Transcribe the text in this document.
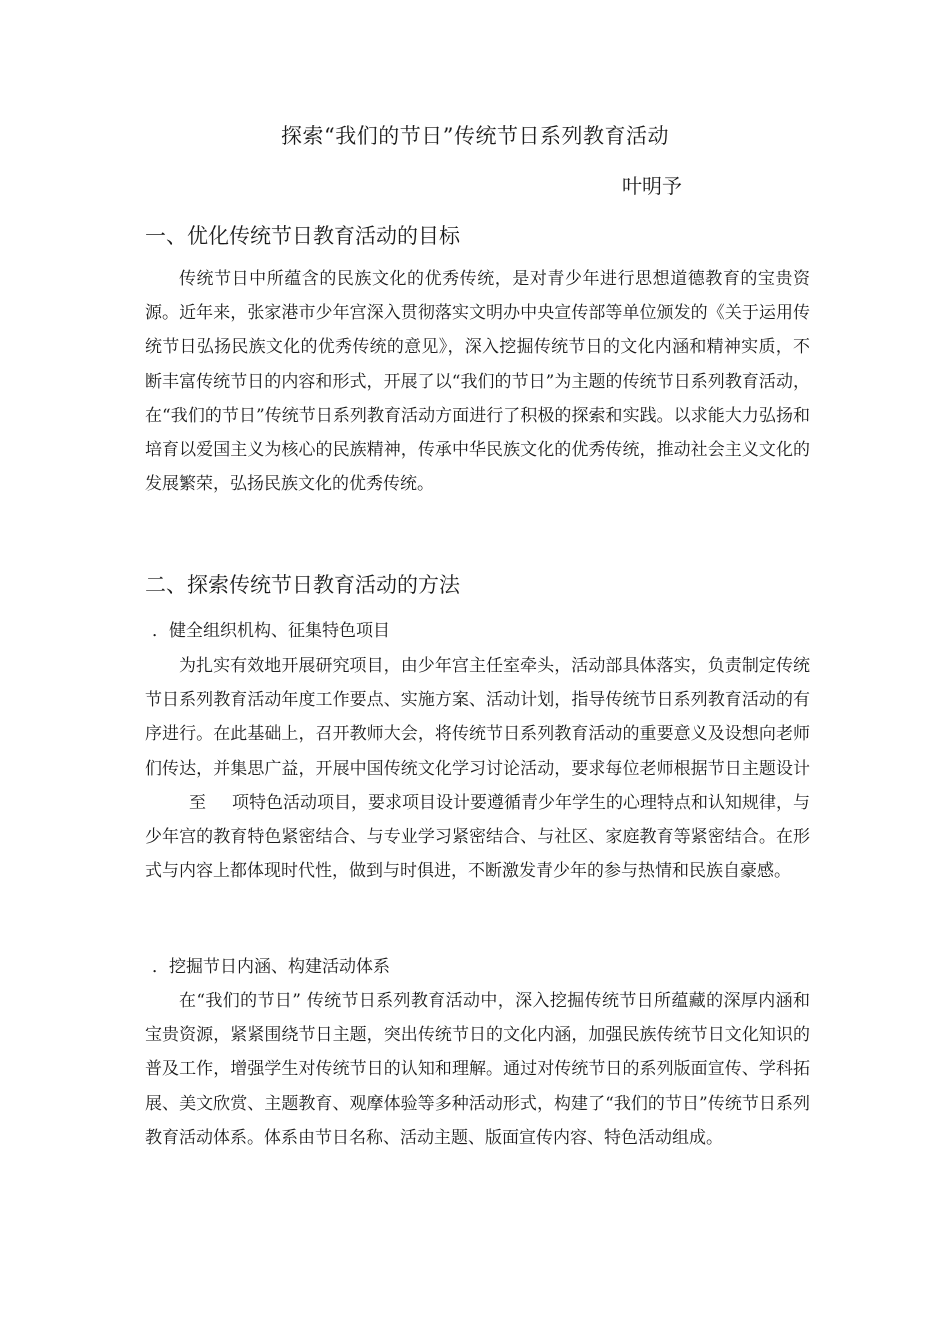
探索“我们的节日”传统节日系列教育活动
叶明予
一、优化传统节日教育活动的目标
传统节日中所蕴含的民族文化的优秀传统，是对青少年进行思想道德教育的宝贵资源。近年来，张家港市少年宫深入贯彻落实文明办中央宣传部等单位颁发的《关于运用传统节日弘扬民族文化的优秀传统的意见》，深入挖掘传统节日的文化内涵和精神实质，不断丰富传统节日的内容和形式，开展了以“我们的节日”为主题的传统节日系列教育活动，在“我们的节日”传统节日系列教育活动方面进行了积极的探索和实践。以求能大力弘扬和培育以爱国主义为核心的民族精神，传承中华民族文化的优秀传统，推动社会主义文化的发展繁荣，弘扬民族文化的优秀传统。
二、探索传统节日教育活动的方法
．健全组织机构、征集特色项目
为扎实有效地开展研究项目，由少年宫主任室牵头，活动部具体落实，负责制定传统节日系列教育活动年度工作要点、实施方案、活动计划，指导传统节日系列教育活动的有序进行。在此基础上，召开教师大会，将传统节日系列教育活动的重要意义及设想向老师们传达，并集思广益，开展中国传统文化学习讨论活动，要求每位老师根据节日主题设计至 项特色活动项目，要求项目设计要遵循青少年学生的心理特点和认知规律，与少年宫的教育特色紧密结合、与专业学习紧密结合、与社区、家庭教育等紧密结合。在形式与内容上都体现时代性，做到与时俱进，不断激发青少年的参与热情和民族自豪感。
．挖掘节日内涵、构建活动体系
在“我们的节日” 传统节日系列教育活动中，深入挖掘传统节日所蕴藏的深厚内涵和宝贵资源，紧紧围绕节日主题，突出传统节日的文化内涵，加强民族传统节日文化知识的普及工作，增强学生对传统节日的认知和理解。通过对传统节日的系列版面宣传、学科拓展、美文欣赏、主题教育、观摩体验等多种活动形式，构建了“我们的节日”传统节日系列教育活动体系。体系由节日名称、活动主题、版面宣传内容、特色活动组成。
